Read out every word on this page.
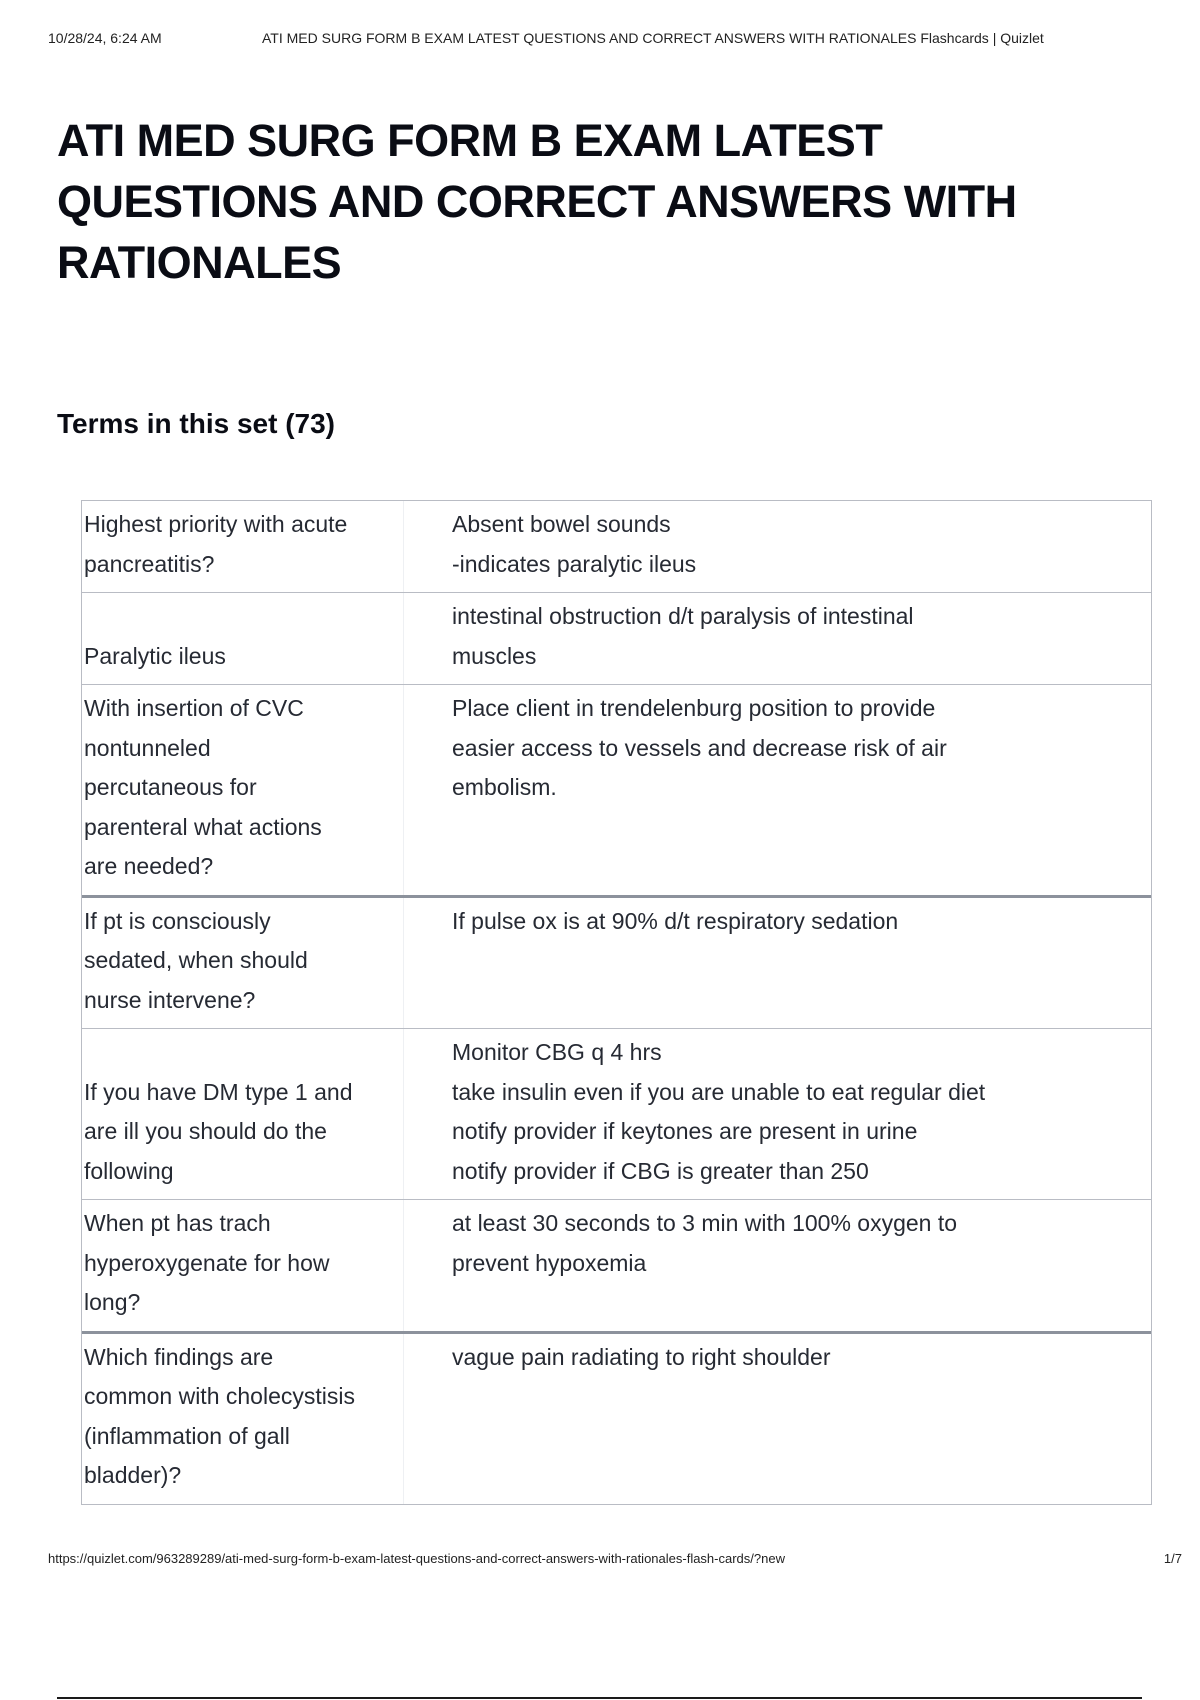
10/28/24, 6:24 AM	ATI MED SURG FORM B EXAM LATEST QUESTIONS AND CORRECT ANSWERS WITH RATIONALES Flashcards | Quizlet
ATI MED SURG FORM B EXAM LATEST QUESTIONS AND CORRECT ANSWERS WITH RATIONALES
Terms in this set (73)
Highest priority with acute
pancreatitis?
Absent bowel sounds
-indicates paralytic ileus

Paralytic ileus
intestinal obstruction d/t paralysis of intestinal
muscles
With insertion of CVC
nontunneled
percutaneous for
parenteral what actions
are needed?
Place client in trendelenburg position to provide
easier access to vessels and decrease risk of air
embolism.
If pt is consciously
sedated, when should
nurse intervene?
If pulse ox is at 90% d/t respiratory sedation

If you have DM type 1 and
are ill you should do the
following
Monitor CBG q 4 hrs
take insulin even if you are unable to eat regular diet
notify provider if keytones are present in urine
notify provider if CBG is greater than 250
When pt has trach
hyperoxygenate for how
long?
at least 30 seconds to 3 min with 100% oxygen to
prevent hypoxemia
Which findings are
common with cholecystisis
(inflammation of gall
bladder)?
vague pain radiating to right shoulder
https://quizlet.com/963289289/ati-med-surg-form-b-exam-latest-questions-and-correct-answers-with-rationales-flash-cards/?new	1/7
